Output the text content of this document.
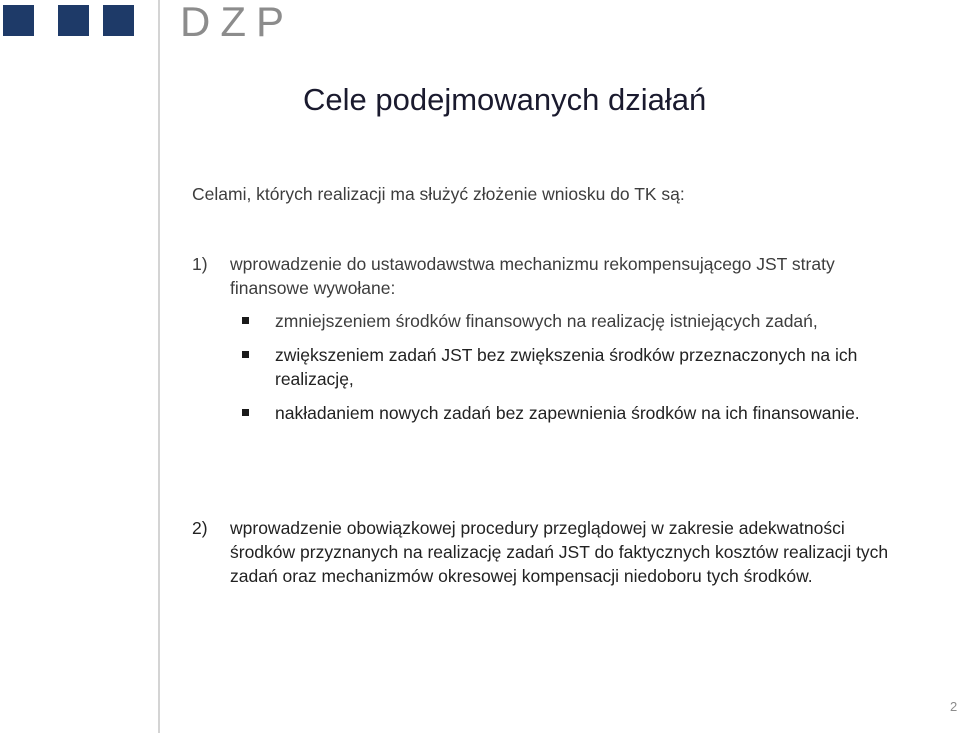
DZP
Cele podejmowanych działań
Celami, których realizacji ma służyć złożenie wniosku do TK są:
1) wprowadzenie do ustawodawstwa mechanizmu rekompensującego JST straty finansowe wywołane:
zmniejszeniem środków finansowych na realizację istniejących zadań,
zwiększeniem zadań JST bez zwiększenia środków przeznaczonych na ich realizację,
nakładaniem nowych zadań bez zapewnienia środków na ich finansowanie.
2) wprowadzenie obowiązkowej procedury przeglądowej w zakresie adekwatności środków przyznanych na realizację zadań JST do faktycznych kosztów realizacji tych zadań oraz mechanizmów okresowej kompensacji niedoboru tych środków.
2
